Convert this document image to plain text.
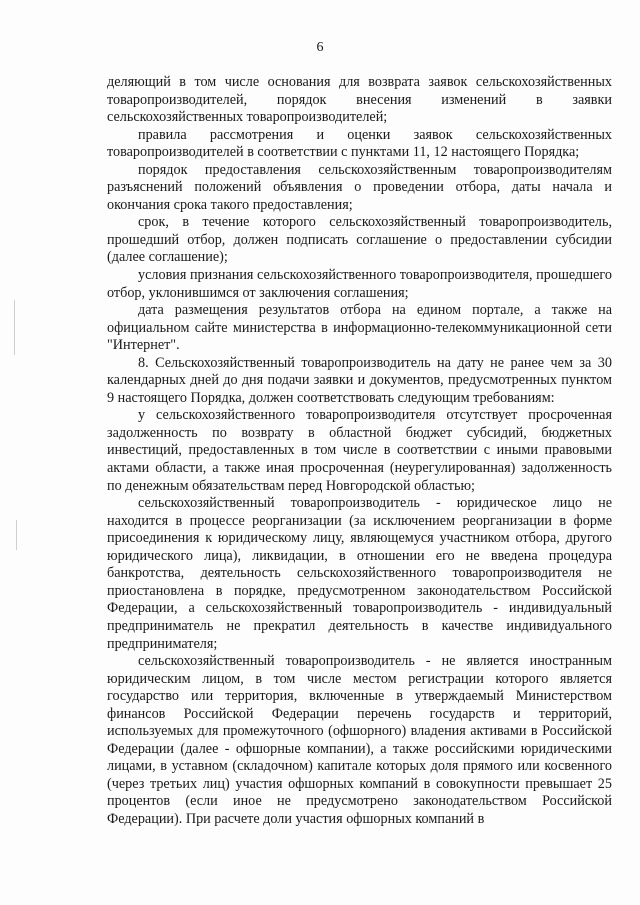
6

деляющий в том числе основания для возврата заявок сельскохозяйственных товаропроизводителей, порядок внесения изменений в заявки сельскохозяйственных товаропроизводителей;

правила рассмотрения и оценки заявок сельскохозяйственных товаропроизводителей в соответствии с пунктами 11, 12 настоящего Порядка;

порядок предоставления сельскохозяйственным товаропроизводителям разъяснений положений объявления о проведении отбора, даты начала и окончания срока такого предоставления;

срок, в течение которого сельскохозяйственный товаропроизводитель, прошедший отбор, должен подписать соглашение о предоставлении субсидии (далее соглашение);

условия признания сельскохозяйственного товаропроизводителя, прошедшего отбор, уклонившимся от заключения соглашения;

дата размещения результатов отбора на едином портале, а также на официальном сайте министерства в информационно-телекоммуникационной сети "Интернет".

8. Сельскохозяйственный товаропроизводитель на дату не ранее чем за 30 календарных дней до дня подачи заявки и документов, предусмотренных пунктом 9 настоящего Порядка, должен соответствовать следующим требованиям:

у сельскохозяйственного товаропроизводителя отсутствует просроченная задолженность по возврату в областной бюджет субсидий, бюджетных инвестиций, предоставленных в том числе в соответствии с иными правовыми актами области, а также иная просроченная (неурегулированная) задолженность по денежным обязательствам перед Новгородской областью;

сельскохозяйственный товаропроизводитель - юридическое лицо не находится в процессе реорганизации (за исключением реорганизации в форме присоединения к юридическому лицу, являющемуся участником отбора, другого юридического лица), ликвидации, в отношении его не введена процедура банкротства, деятельность сельскохозяйственного товаропроизводителя не приостановлена в порядке, предусмотренном законодательством Российской Федерации, а сельскохозяйственный товаропроизводитель - индивидуальный предприниматель не прекратил деятельность в качестве индивидуального предпринимателя;

сельскохозяйственный товаропроизводитель - не является иностранным юридическим лицом, в том числе местом регистрации которого является государство или территория, включенные в утверждаемый Министерством финансов Российской Федерации перечень государств и территорий, используемых для промежуточного (офшорного) владения активами в Российской Федерации (далее - офшорные компании), а также российскими юридическими лицами, в уставном (складочном) капитале которых доля прямого или косвенного (через третьих лиц) участия офшорных компаний в совокупности превышает 25 процентов (если иное не предусмотрено законодательством Российской Федерации). При расчете доли участия офшорных компаний в
